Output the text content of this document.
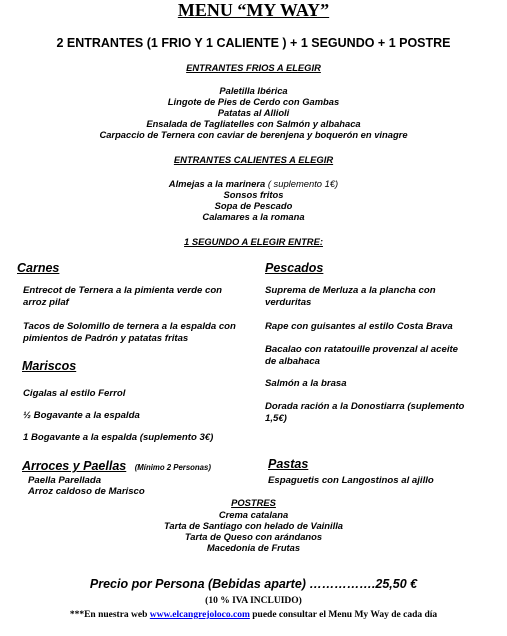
MENU “MY WAY”
2 ENTRANTES (1 FRIO Y 1 CALIENTE ) + 1 SEGUNDO + 1 POSTRE
ENTRANTES FRIOS A ELEGIR
Paletilla Ibérica
Lingote de Pies de Cerdo con Gambas
Patatas al Allioli
Ensalada de Tagliatelles con Salmón y albahaca
Carpaccio de Ternera con caviar de berenjena y boquerón en vinagre
ENTRANTES CALIENTES A ELEGIR
Almejas a la marinera ( suplemento 1€)
Sonsos fritos
Sopa de Pescado
Calamares a la romana
1 SEGUNDO A ELEGIR ENTRE:
Carnes
Entrecot de Ternera a la pimienta verde con arroz pilaf
Tacos de Solomillo de ternera a la espalda con pimientos de Padrón y patatas fritas
Mariscos
Cigalas al estilo Ferrol
½ Bogavante a la espalda
1 Bogavante a la espalda (suplemento 3€)
Arroces y Paellas (Mínimo 2 Personas)
Paella Parellada
Arroz caldoso de Marisco
Pescados
Suprema de Merluza a la plancha con verduritas
Rape con guisantes al estilo Costa Brava
Bacalao con ratatouille provenzal al aceite de albahaca
Salmón a la brasa
Dorada ración a la Donostiarra (suplemento 1,5€)
Pastas
Espaguetis con Langostinos al ajillo
POSTRES
Crema catalana
Tarta de Santiago con helado de Vainilla
Tarta de Queso con arándanos
Macedonia de Frutas
Precio por Persona (Bebidas aparte) …………….25,50 €
(10 % IVA INCLUIDO)
***En nuestra web www.elcangrejoloco.com puede consultar el Menu My Way de cada día
